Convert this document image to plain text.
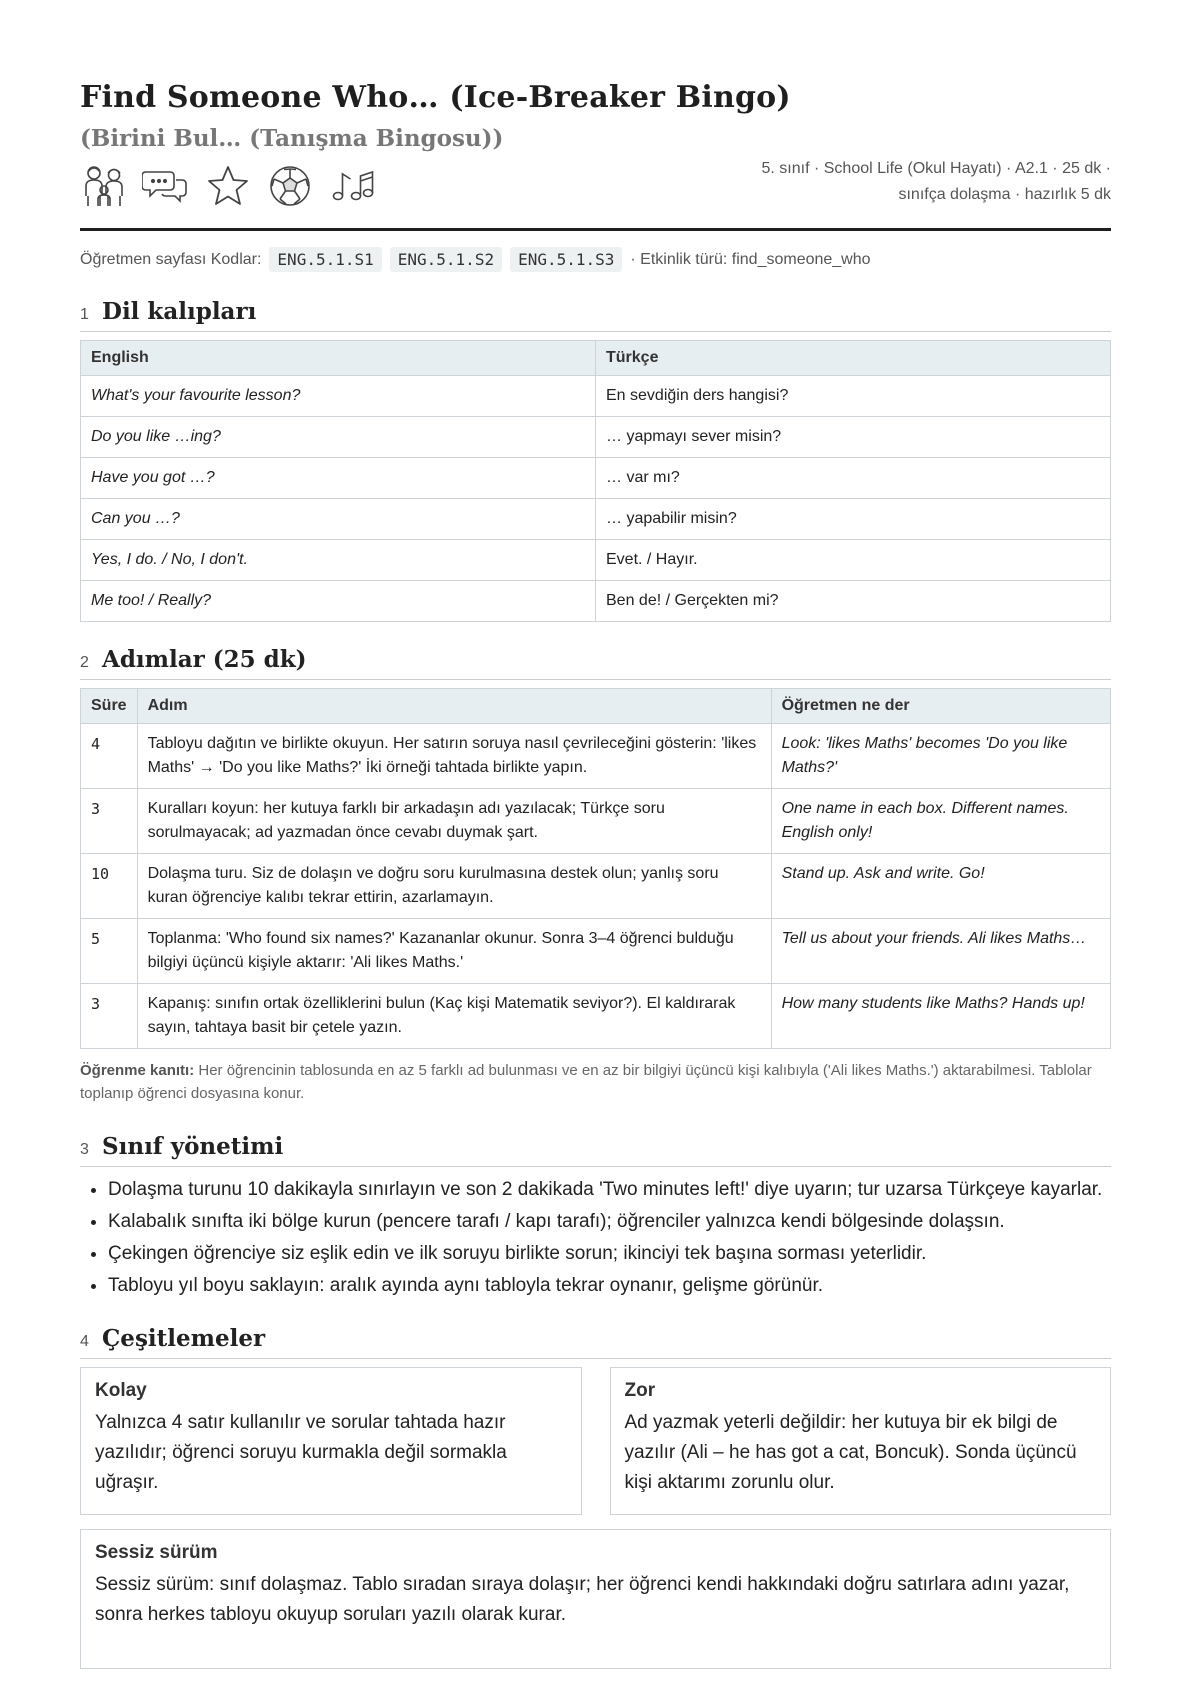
Find Someone Who… (Ice-Breaker Bingo)
(Birini Bul… (Tanışma Bingosu))
5. sınıf · School Life (Okul Hayatı) · A2.1 · 25 dk ·
sınıfça dolaşma · hazırlık 5 dk
Öğretmen sayfası Kodlar:	ENG.5.1.S1	ENG.5.1.S2	ENG.5.1.S3	· Etkinlik türü: find_someone_who
1 Dil kalıpları
English	Türkçe
What's your favourite lesson?	En sevdiğin ders hangisi?
Do you like …ing?	… yapmayı sever misin?
Have you got …?	… var mı?
Can you …?	… yapabilir misin?
Yes, I do. / No, I don't.	Evet. / Hayır.
Me too! / Really?	Ben de! / Gerçekten mi?
2 Adımlar (25 dk)
Süre	Adım	Öğretmen ne der
4	Tabloyu dağıtın ve birlikte okuyun. Her satırın soruya nasıl çevrileceğini gösterin: 'likes Maths' → 'Do you like Maths?' İki örneği tahtada birlikte yapın.	Look: 'likes Maths' becomes 'Do you like Maths?'
3	Kuralları koyun: her kutuya farklı bir arkadaşın adı yazılacak; Türkçe soru sorulmayacak; ad yazmadan önce cevabı duymak şart.	One name in each box. Different names. English only!
10	Dolaşma turu. Siz de dolaşın ve doğru soru kurulmasına destek olun; yanlış soru kuran öğrenciye kalıbı tekrar ettirin, azarlamayın.	Stand up. Ask and write. Go!
5	Toplanma: 'Who found six names?' Kazananlar okunur. Sonra 3–4 öğrenci bulduğu bilgiyi üçüncü kişiyle aktarır: 'Ali likes Maths.'	Tell us about your friends. Ali likes Maths…
3	Kapanış: sınıfın ortak özelliklerini bulun (Kaç kişi Matematik seviyor?). El kaldırarak sayın, tahtaya basit bir çetele yazın.	How many students like Maths? Hands up!

Öğrenme kanıtı: Her öğrencinin tablosunda en az 5 farklı ad bulunması ve en az bir bilgiyi üçüncü kişi kalıbıyla ('Ali likes Maths.') aktarabilmesi. Tablolar toplanıp öğrenci dosyasına konur.

3 Sınıf yönetimi
• Dolaşma turunu 10 dakikayla sınırlayın ve son 2 dakikada 'Two minutes left!' diye uyarın; tur uzarsa Türkçeye kayarlar.
• Kalabalık sınıfta iki bölge kurun (pencere tarafı / kapı tarafı); öğrenciler yalnızca kendi bölgesinde dolaşsın.
• Çekingen öğrenciye siz eşlik edin ve ilk soruyu birlikte sorun; ikinciyi tek başına sorması yeterlidir.
• Tabloyu yıl boyu saklayın: aralık ayında aynı tabloyla tekrar oynanır, gelişme görünür.
4 Çeşitlemeler
Kolay

Yalnızca 4 satır kullanılır ve sorular tahtada hazır yazılıdır; öğrenci soruyu kurmakla değil sormakla uğraşır.

Zor

Ad yazmak yeterli değildir: her kutuya bir ek bilgi de yazılır (Ali – he has got a cat, Boncuk). Sonda üçüncü kişi aktarımı zorunlu olur.

Sessiz sürüm

Sessiz sürüm: sınıf dolaşmaz. Tablo sıradan sıraya dolaşır; her öğrenci kendi hakkındaki doğru satırlara adını yazar, sonra herkes tabloyu okuyup soruları yazılı olarak kurar.
